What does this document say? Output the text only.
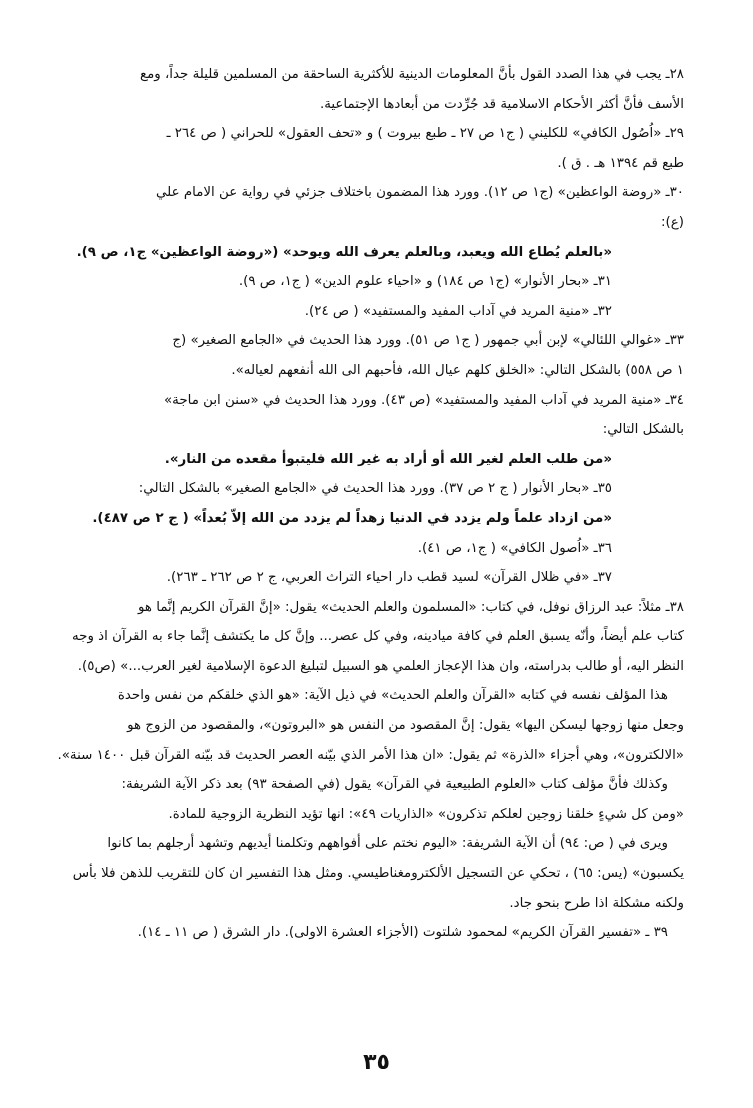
٢٨ـ يجب في هذا الصدد القول بأنَّ المعلومات الدينية للأكثرية الساحقة من المسلمين قليلة جداً، ومع
الأسف فأنَّ أكثر الأحكام الاسلامية قد جُرِّدت من أبعادها الإجتماعية.
٢٩ـ «اُصُول الكافي» للكليني ( ج١ ص ٢٧ ـ طبع بيروت ) و «تحف العقول» للحراني ( ص ٢٦٤ ـ
طبع قم ١٣٩٤ هـ . ق ).
٣٠ـ «روضة الواعظين» (ج١ ص ١٢). وورد هذا المضمون باختلاف جزئي في رواية عن الامام علي
(ع):
«بالعلم يُطاع الله ويعبد، وبالعلم يعرف الله ويوحد» («روضة الواعظين» ج١، ص ٩).
٣١ـ «بحار الأنوار» (ج١ ص ١٨٤) و «احياء علوم الدين» ( ج١، ص ٩).
٣٢ـ «منية المريد في آداب المفيد والمستفيد» ( ص ٢٤).
٣٣ـ «غوالي اللئالي» لإبن أبي جمهور ( ج١ ص ٥١). وورد هذا الحديث في «الجامع الصغير» (ج
١ ص ٥٥٨) بالشكل التالي: «الخلق كلهم عيال الله، فأحبهم الى الله أنفعهم لعياله».
٣٤ـ «منية المريد في آداب المفيد والمستفيد» (ص ٤٣). وورد هذا الحديث في «سنن ابن ماجة»
بالشكل التالي:
«من طلب العلم لغير الله أو أراد به غير الله فليتبوأ مقعده من النار».
٣٥ـ «بحار الأنوار ( ج ٢ ص ٣٧). وورد هذا الحديث في «الجامع الصغير» بالشكل التالي:
«من ازداد علماً ولم يزدد في الدنيا زهداً لم يزدد من الله إلاّ بُعداً» ( ج ٢ ص ٤٨٧).
٣٦ـ «اُصول الكافي» ( ج١، ص ٤١).
٣٧ـ «في ظلال القرآن» لسيد قطب دار احياء التراث العربي، ج ٢ ص ٢٦٢ ـ ٢٦٣).
٣٨ـ مثلاً: عبد الرزاق نوفل، في كتاب: «المسلمون والعلم الحديث» يقول: «إنَّ القرآن الكريم إنَّما هو
كتاب علم أيضاً، وأنّه يسبق العلم في كافة ميادينه، وفي كل عصر... وإنَّ كل ما يكتشف إنَّما جاء به القرآن اذ وجه
النظر اليه، أو طالب بدراسته، وان هذا الإعجاز العلمي هو السبيل لتبليغ الدعوة الإسلامية لغير العرب...» (ص٥).
هذا المؤلف نفسه في كتابه «القرآن والعلم الحديث» في ذيل الآية: «هو الذي خلقكم من نفس واحدة
وجعل منها زوجها ليسكن اليها» يقول: إنَّ المقصود من النفس هو «البروتون»، والمقصود من الزوج هو
«الالكترون»، وهي أجزاء «الذرة» ثم يقول: «ان هذا الأمر الذي بيّنه العصر الحديث قد بيّنه القرآن قبل ١٤٠٠ سنة».
وكذلك فأنَّ مؤلف كتاب «العلوم الطبيعية في القرآن» يقول (في الصفحة ٩٣) بعد ذكر الآية الشريفة:
«ومن كل شيءٍ خلقنا زوجين لعلكم تذكرون» «الذاريات ٤٩»: انها تؤيد النظرية الزوجية للمادة.
ويرى في ( ص: ٩٤) أن الآية الشريفة: «اليوم نختم على أفواههم وتكلمنا أيديهم وتشهد أرجلهم بما كانوا
يكسبون» (يس: ٦٥) ، تحكي عن التسجيل الألكترومغناطيسي. ومثل هذا التفسير ان كان للتقريب للذهن فلا بأس
ولكنه مشكلة اذا طرح بنحو جاد.
٣٩ ـ «تفسير القرآن الكريم» لمحمود شلتوت (الأجزاء العشرة الاولى). دار الشرق ( ص ١١ ـ ١٤).
٣٥
